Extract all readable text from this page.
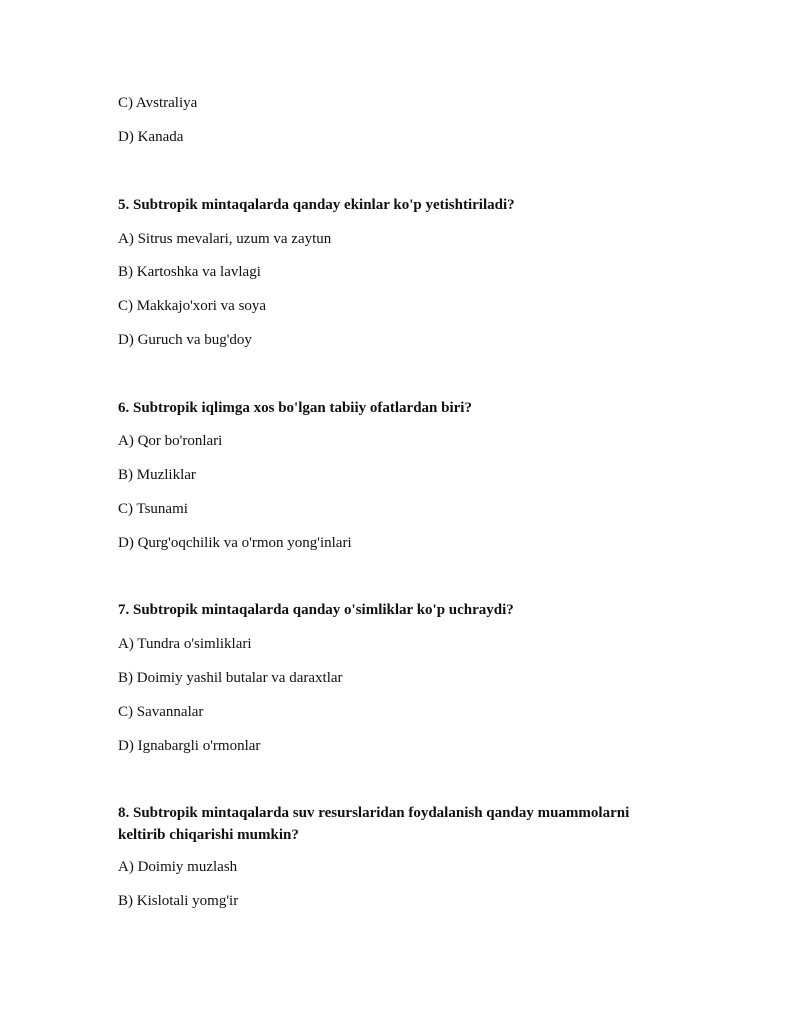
C) Avstraliya
D) Kanada
5. Subtropik mintaqalarda qanday ekinlar ko'p yetishtiriladi?
A) Sitrus mevalari, uzum va zaytun
B) Kartoshka va lavlagi
C) Makkajo'xori va soya
D) Guruch va bug'doy
6. Subtropik iqlimga xos bo'lgan tabiiy ofatlardan biri?
A) Qor bo'ronlari
B) Muzliklar
C) Tsunami
D) Qurg'oqchilik va o'rmon yong'inlari
7. Subtropik mintaqalarda qanday o'simliklar ko'p uchraydi?
A) Tundra o'simliklari
B) Doimiy yashil butalar va daraxtlar
C) Savannalar
D) Ignabargli o'rmonlar
8. Subtropik mintaqalarda suv resurslaridan foydalanish qanday muammolarni keltirib chiqarishi mumkin?
A) Doimiy muzlash
B) Kislotali yomg'ir
